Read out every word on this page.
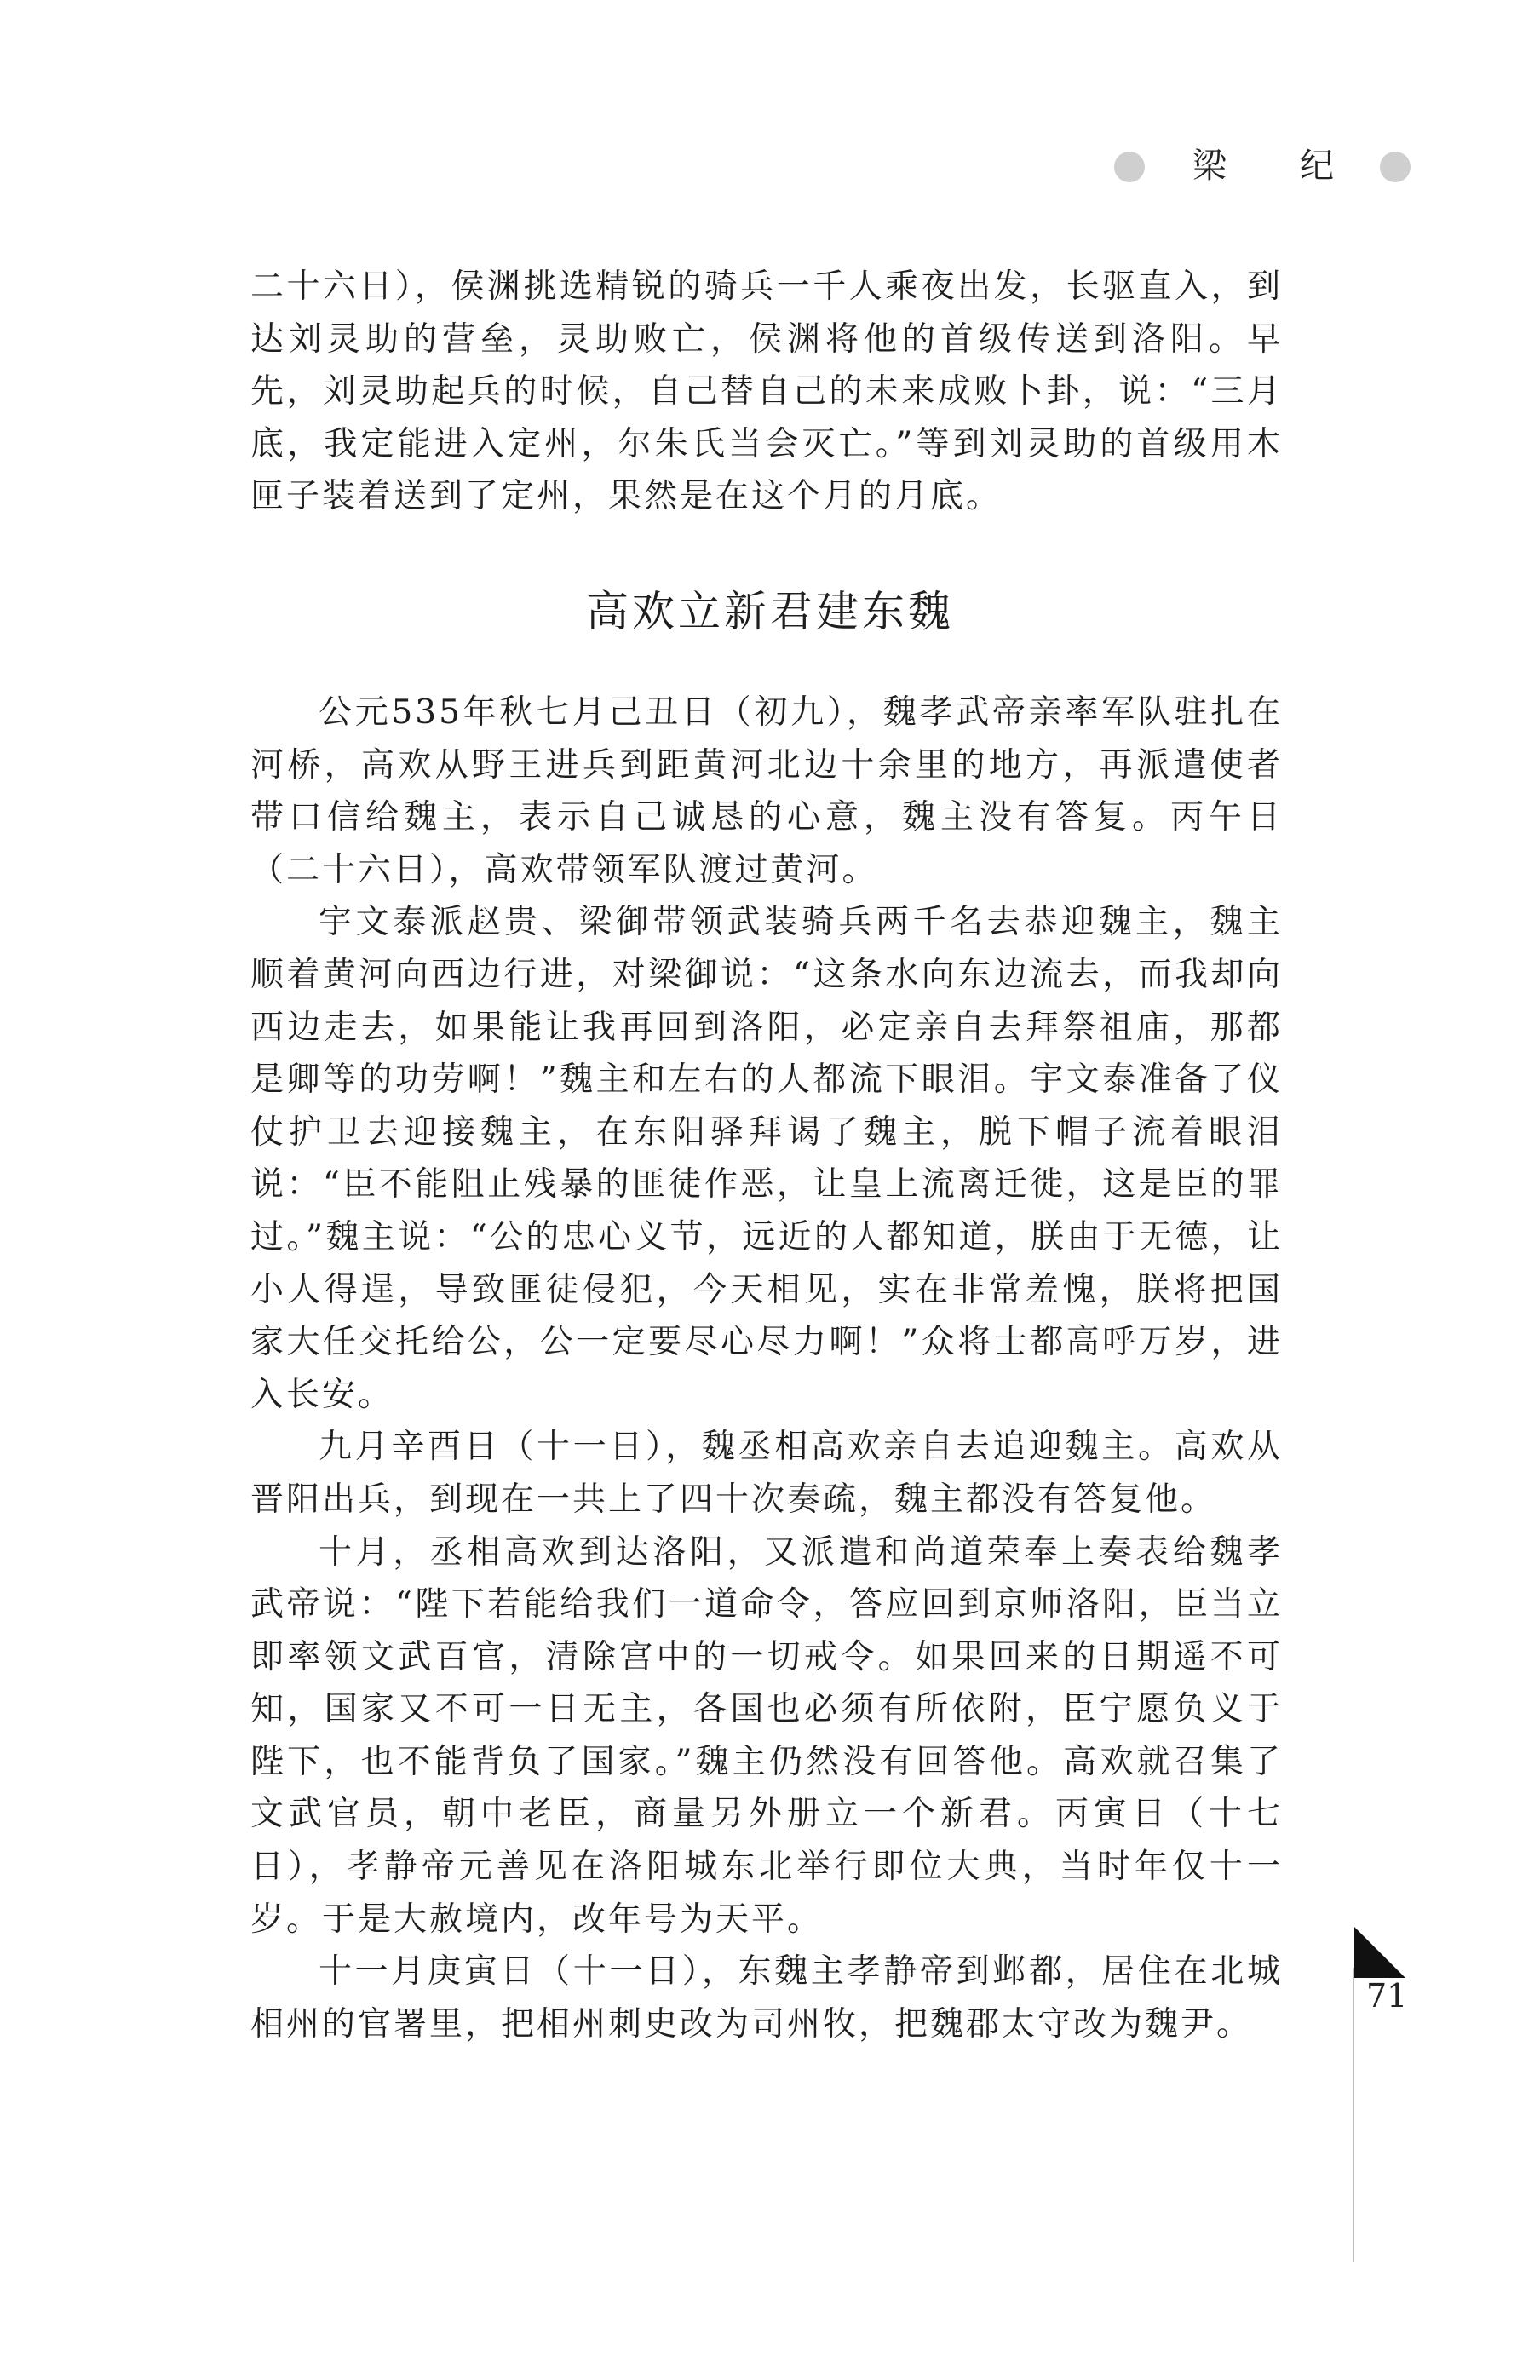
梁 纪

二十六日），侯渊挑选精锐的骑兵一千人乘夜出发，长驱直入，到达刘灵助的营垒，灵助败亡，侯渊将他的首级传送到洛阳。早先，刘灵助起兵的时候，自己替自己的未来成败卜卦，说：“三月底，我定能进入定州，尔朱氏当会灭亡。”等到刘灵助的首级用木匣子装着送到了定州，果然是在这个月的月底。

高欢立新君建东魏

公元535年秋七月己丑日（初九），魏孝武帝亲率军队驻扎在河桥，高欢从野王进兵到距黄河北边十余里的地方，再派遣使者带口信给魏主，表示自己诚恳的心意，魏主没有答复。丙午日（二十六日），高欢带领军队渡过黄河。

宇文泰派赵贵、梁御带领武装骑兵两千名去恭迎魏主，魏主顺着黄河向西边行进，对梁御说：“这条水向东边流去，而我却向西边走去，如果能让我再回到洛阳，必定亲自去拜祭祖庙，那都是卿等的功劳啊！”魏主和左右的人都流下眼泪。宇文泰准备了仪仗护卫去迎接魏主，在东阳驿拜谒了魏主，脱下帽子流着眼泪说：“臣不能阻止残暴的匪徒作恶，让皇上流离迁徙，这是臣的罪过。”魏主说：“公的忠心义节，远近的人都知道，朕由于无德，让小人得逞，导致匪徒侵犯，今天相见，实在非常羞愧，朕将把国家大任交托给公，公一定要尽心尽力啊！”众将士都高呼万岁，进入长安。

九月辛酉日（十一日），魏丞相高欢亲自去追迎魏主。高欢从晋阳出兵，到现在一共上了四十次奏疏，魏主都没有答复他。

十月，丞相高欢到达洛阳，又派遣和尚道荣奉上奏表给魏孝武帝说：“陛下若能给我们一道命令，答应回到京师洛阳，臣当立即率领文武百官，清除宫中的一切戒令。如果回来的日期遥不可知，国家又不可一日无主，各国也必须有所依附，臣宁愿负义于陛下，也不能背负了国家。”魏主仍然没有回答他。高欢就召集了文武官员，朝中老臣，商量另外册立一个新君。丙寅日（十七日），孝静帝元善见在洛阳城东北举行即位大典，当时年仅十一岁。于是大赦境内，改年号为天平。

十一月庚寅日（十一日），东魏主孝静帝到邺都，居住在北城相州的官署里，把相州刺史改为司州牧，把魏郡太守改为魏尹。

71
